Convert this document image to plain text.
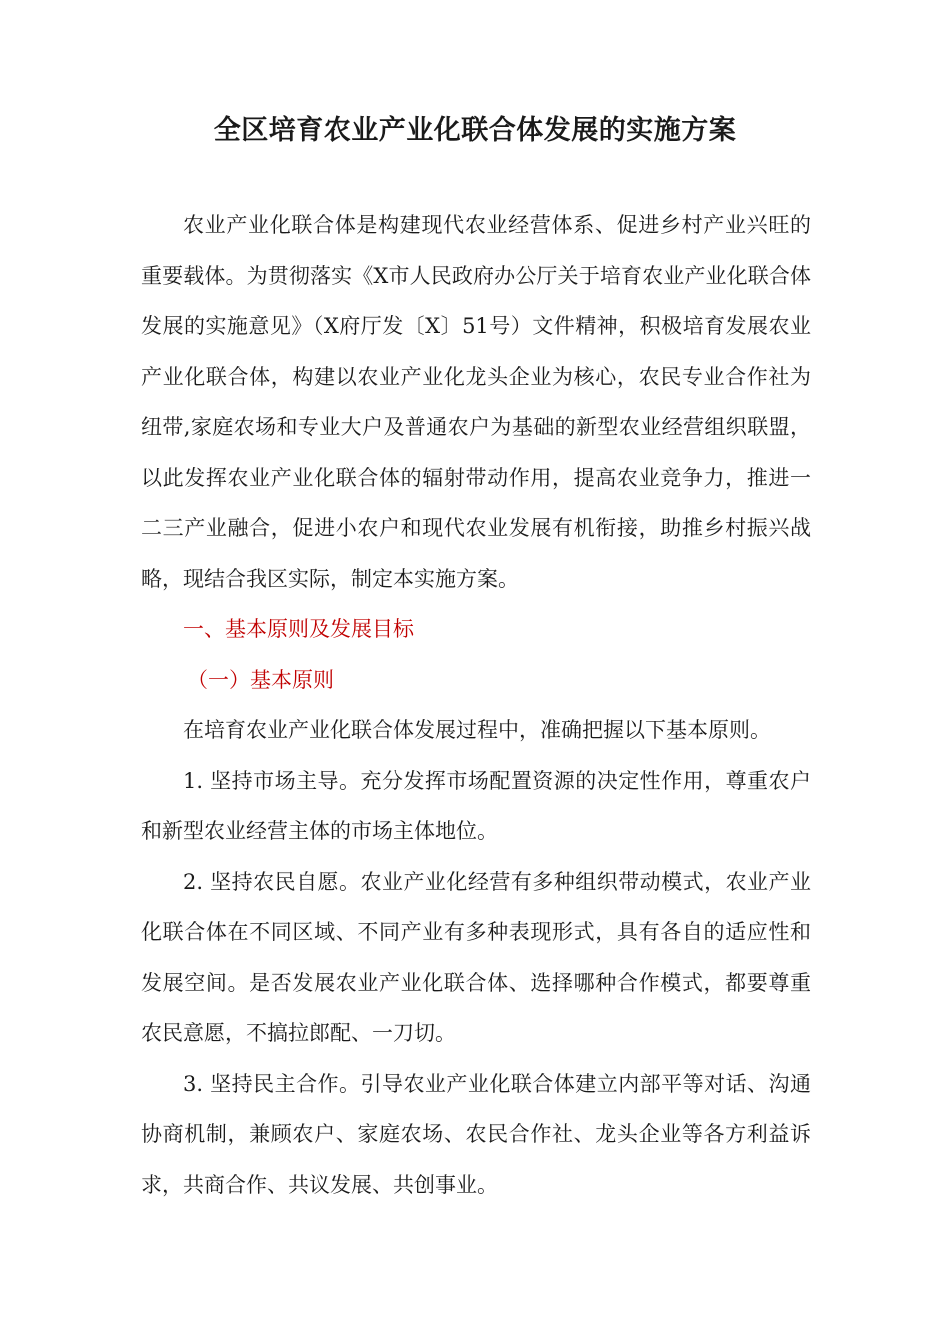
全区培育农业产业化联合体发展的实施方案

农业产业化联合体是构建现代农业经营体系、促进乡村产业兴旺的重要载体。为贯彻落实《X市人民政府办公厅关于培育农业产业化联合体发展的实施意见》（X府厅发〔X〕51号）文件精神，积极培育发展农业产业化联合体，构建以农业产业化龙头企业为核心，农民专业合作社为纽带,家庭农场和专业大户及普通农户为基础的新型农业经营组织联盟，以此发挥农业产业化联合体的辐射带动作用，提高农业竞争力，推进一二三产业融合，促进小农户和现代农业发展有机衔接，助推乡村振兴战略，现结合我区实际，制定本实施方案。

一、基本原则及发展目标

（一）基本原则

在培育农业产业化联合体发展过程中，准确把握以下基本原则。

1. 坚持市场主导。充分发挥市场配置资源的决定性作用，尊重农户和新型农业经营主体的市场主体地位。

2. 坚持农民自愿。农业产业化经营有多种组织带动模式，农业产业化联合体在不同区域、不同产业有多种表现形式，具有各自的适应性和发展空间。是否发展农业产业化联合体、选择哪种合作模式，都要尊重农民意愿，不搞拉郎配、一刀切。

3. 坚持民主合作。引导农业产业化联合体建立内部平等对话、沟通协商机制，兼顾农户、家庭农场、农民合作社、龙头企业等各方利益诉求，共商合作、共议发展、共创事业。
